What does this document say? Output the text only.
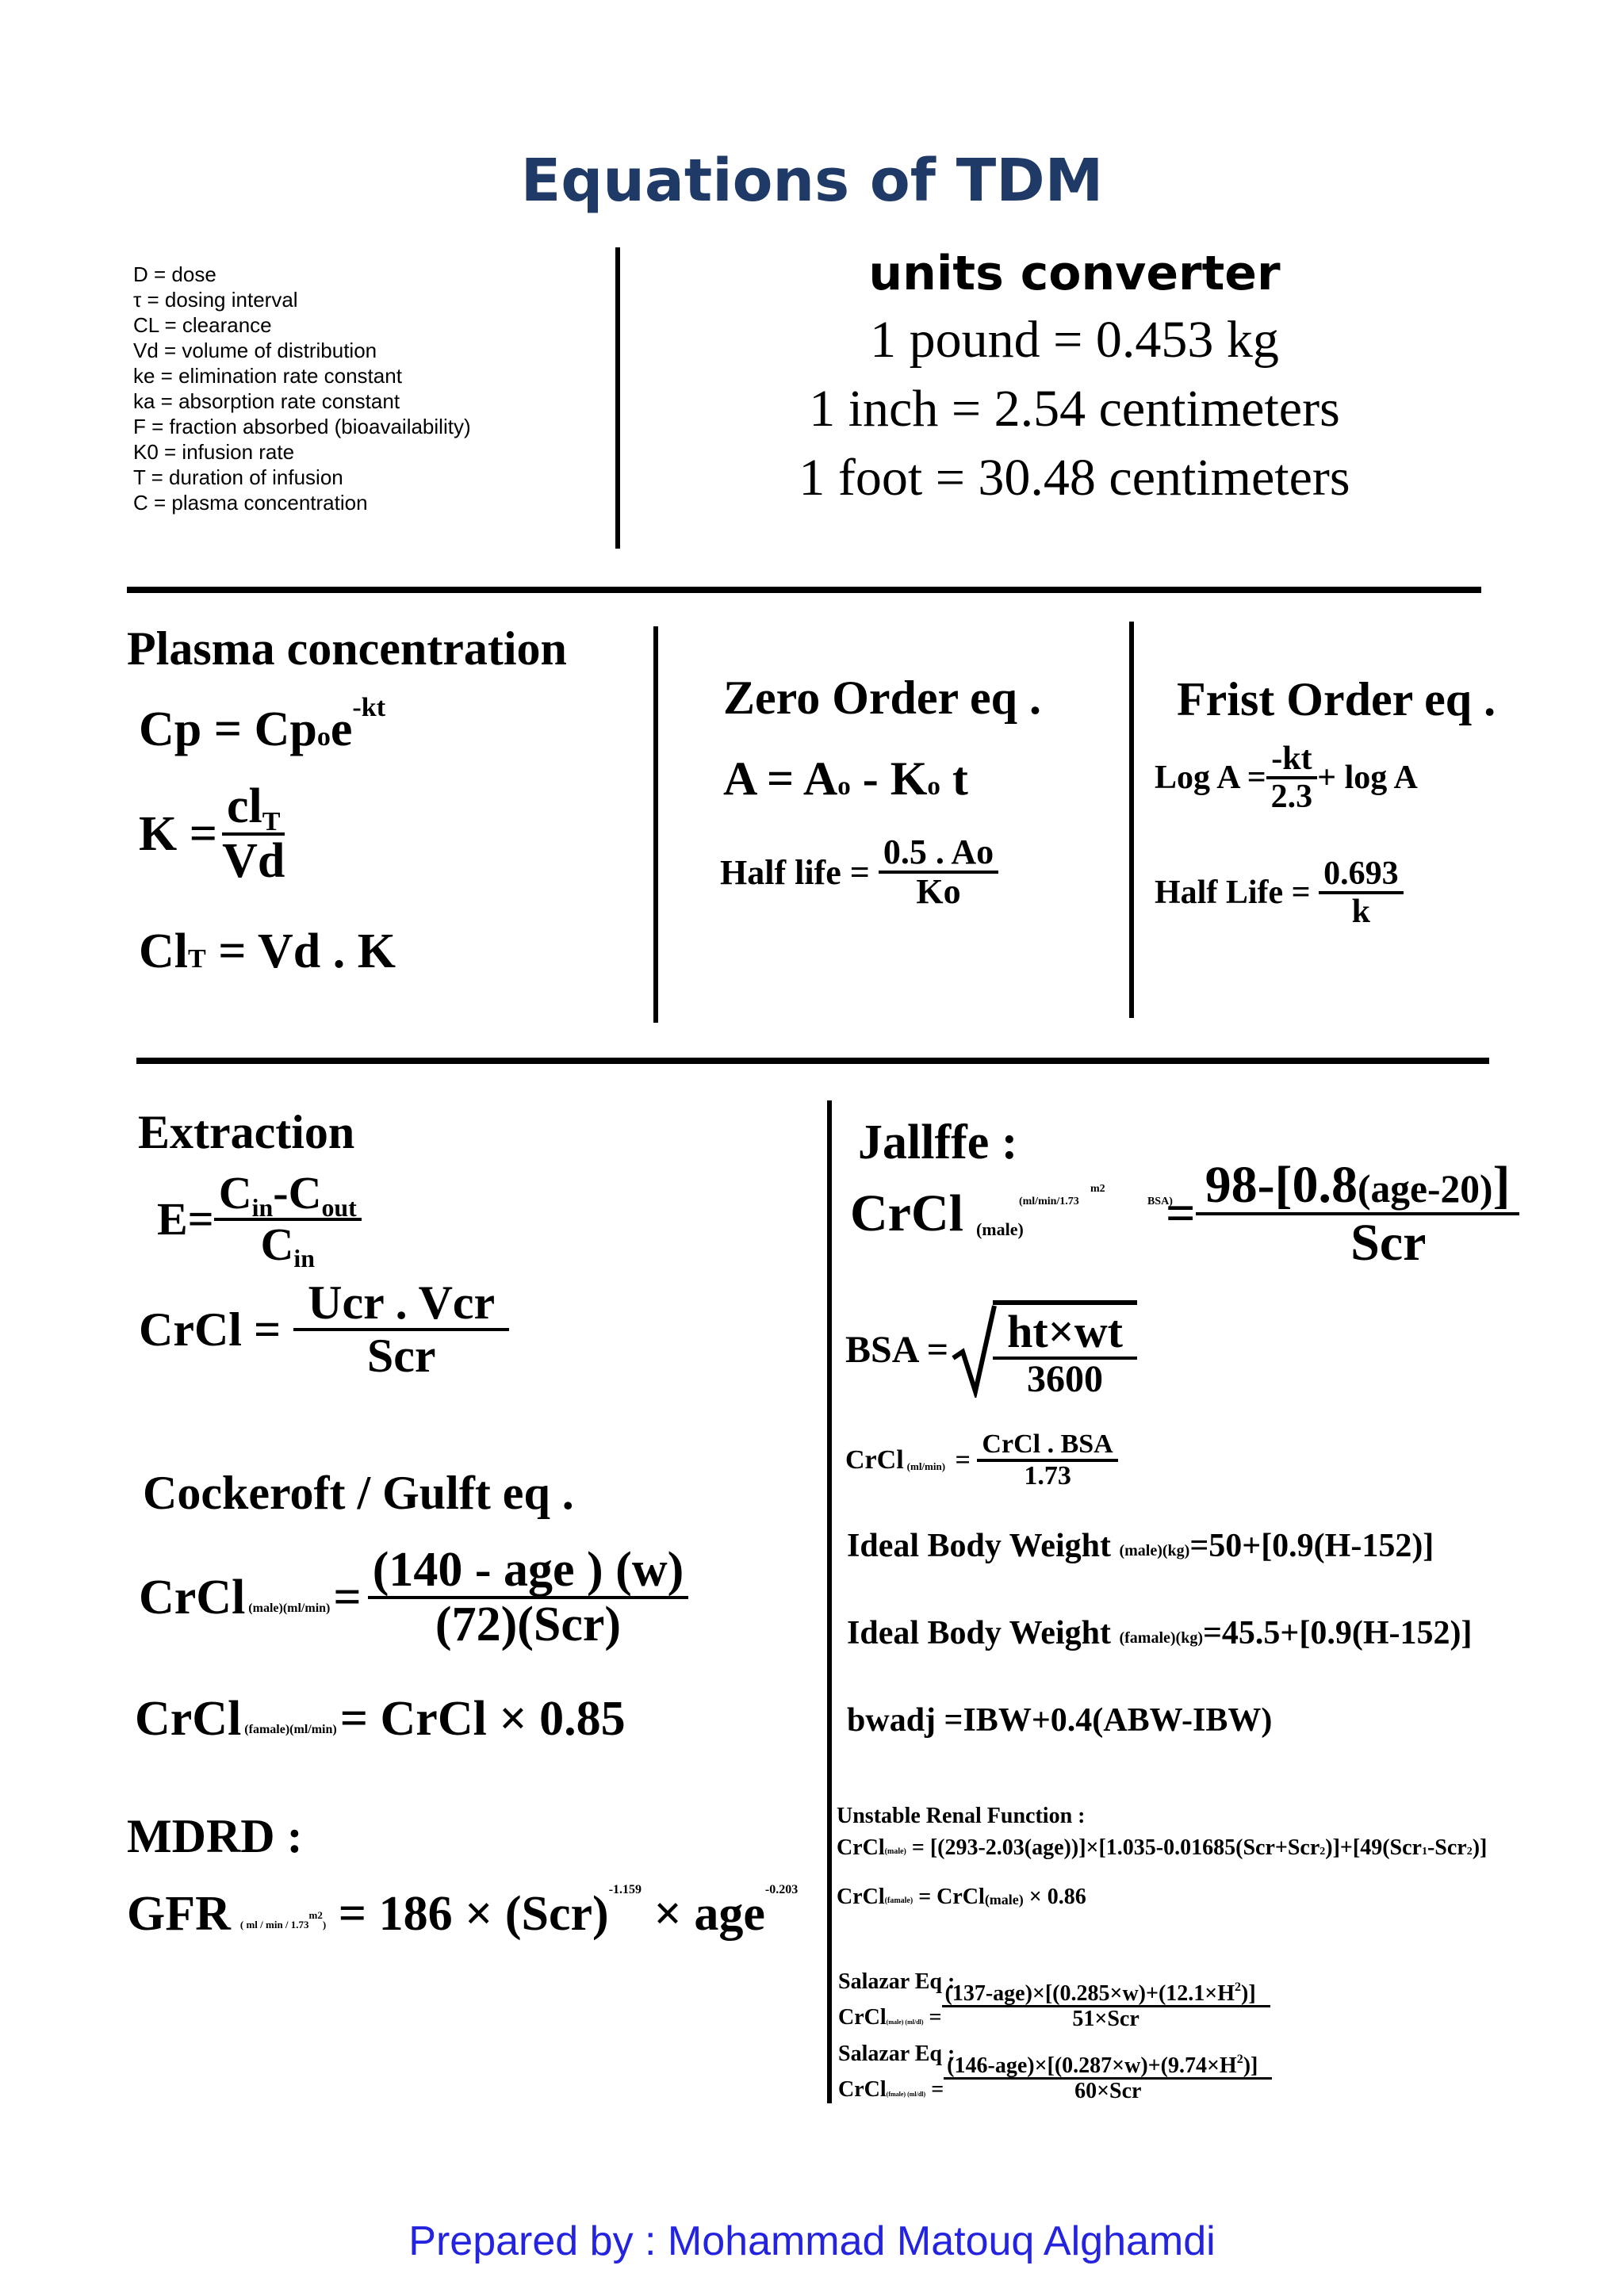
Equations of TDM
D = dose
τ = dosing interval
CL = clearance
Vd = volume of distribution
ke = elimination rate constant
ka = absorption rate constant
F = fraction absorbed (bioavailability)
K0 = infusion rate
T = duration of infusion
C = plasma concentration
units converter
1 pound = 0.453 kg
1 inch = 2.54 centimeters
1 foot = 30.48 centimeters
Plasma concentration
Cp = Cp o e -kt
$K = \frac{\text{clT}}{Vd}$
Cl T = Vd . K
Zero Order eq .
A = A o - K o t
Half life = $\frac{0.5 . Ao}{Ko}$
Frist Order eq .
Log $A = \frac{-kt}{2.3} + \log A$
Half Life = $\frac{0.693}{k}$
Extraction
$E= \frac{\text{Cin-Cout}}{\text{Cin}}$
CrCl = $\frac{\text{Ucr . Vcr}}{\text{Scr}}$
Cockeroft / Gulft eq .
CrCl (male)(ml/min) = $\frac{\text{(140 - age ) (w)}}{\text{(72)(Scr)}}$
CrCl (famale)(ml/min) = CrCl × 0.85
MDRD :
GFR ( ml / min / 1.73m2) = 186 × (Scr) -1.159 × age -0.203
Jallffe :
CrCl	m2
BSA)
(ml/min/1.73
(male)	= $\frac{\text{98-[0.8(age-20)]}}{\text{Scr}}$
BSA = $\frac{ht\times wt}{3600}$
CrCl $(ml/\min) = \frac{\text{CrCl . BSA}}{1.73}$
Ideal Body Weight (male)(kg) =50+[0.9(H-152)]
Ideal Body Weight (famale)(kg) =45.5+[0.9(H-152)]
bwadj =IBW+0.4(ABW-IBW)
Unstable Renal Function :
CrCl (male) = [(293-2.03(age))]×[1.035-0.01685(Scr+Scr 2 )]+[49(Scr 1 -Scr 2 )]
CrCl (famale) = CrCl (male) × 0.86
Salazar Eq :
CrCl (male) $(ml/dl) = \frac{(137-age)\times[(0.285\times w)+(12.1\times H^2)]}{\text{51×Scr}}$
Salazar Eq :
CrCl (fmale) $(ml/dl) = \frac{(146-age)\times[(0.287\times w)+(9.74\times H^2)]}{\text{60×Scr}}$
Prepared by : Mohammad Matouq Alghamdi
